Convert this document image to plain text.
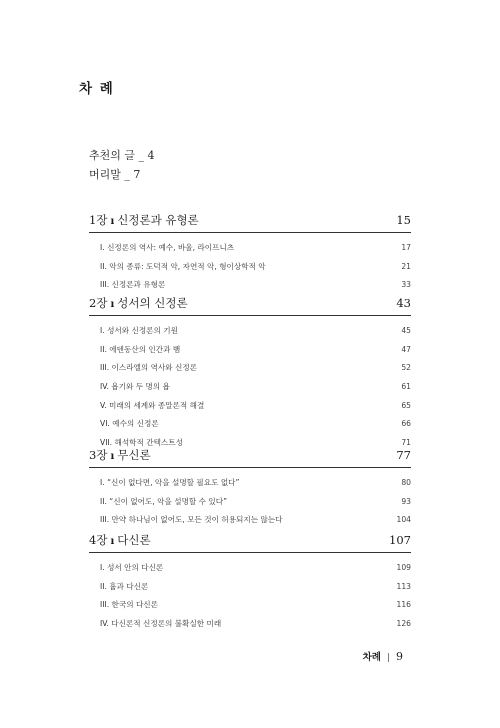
차 례
추천의 글 _ 4
머리말 _ 7
1장 ı 신정론과 유형론	15
I. 신정론의 역사: 예수, 바울, 라이프니츠	17
II. 악의 종류: 도덕적 악, 자연적 악, 형이상학적 악	21
III. 신정론과 유형론	33
2장 ı 성서의 신정론	43
I. 성서와 신정론의 기원	45
II. 에덴동산의 인간과 뱀	47
III. 이스라엘의 역사와 신정론	52
IV. 욥기와 두 명의 욥	61
V. 미래의 세계와 종말론적 해결	65
VI. 예수의 신정론	66
VII. 해석학적 간텍스트성	71
3장 ı 무신론	77
I. “신이 없다면, 악을 설명할 필요도 없다”	80
II. “신이 없어도, 악을 설명할 수 있다”	93
III. 만약 하나님이 없어도, 모든 것이 허용되지는 않는다	104
4장 ı 다신론	107
I. 성서 안의 다신론	109
II. 흄과 다신론	113
III. 한국의 다신론	116
IV. 다신론적 신정론의 불확실한 미래	126
차례 | 9
